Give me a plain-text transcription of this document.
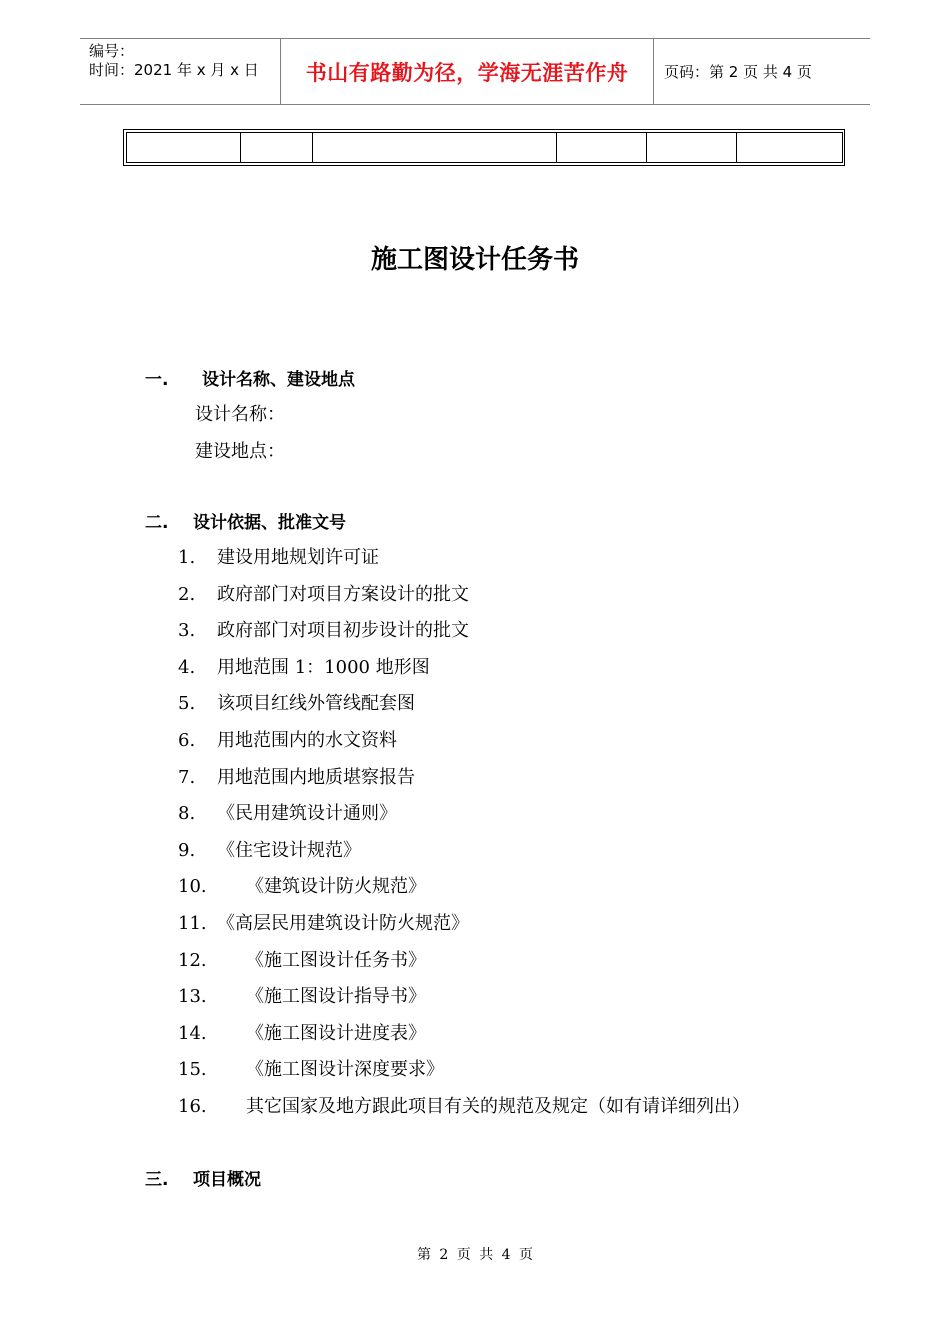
编号：
时间：2021 年 x 月 x 日	书山有路勤为径，学海无涯苦作舟	页码：第 2 页 共 4 页

施工图设计任务书
一. 设计名称、建设地点
设计名称：
建设地点：
二. 设计依据、批准文号
1. 建设用地规划许可证
2. 政府部门对项目方案设计的批文
3. 政府部门对项目初步设计的批文
4. 用地范围 1：1000 地形图
5. 该项目红线外管线配套图
6. 用地范围内的水文资料
7. 用地范围内地质堪察报告
8. 《民用建筑设计通则》
9. 《住宅设计规范》
10. 《建筑设计防火规范》
11. 《高层民用建筑设计防火规范》
12. 《施工图设计任务书》
13. 《施工图设计指导书》
14. 《施工图设计进度表》
15. 《施工图设计深度要求》
16. 其它国家及地方跟此项目有关的规范及规定（如有请详细列出）
三. 项目概况
第 2 页 共 4 页
